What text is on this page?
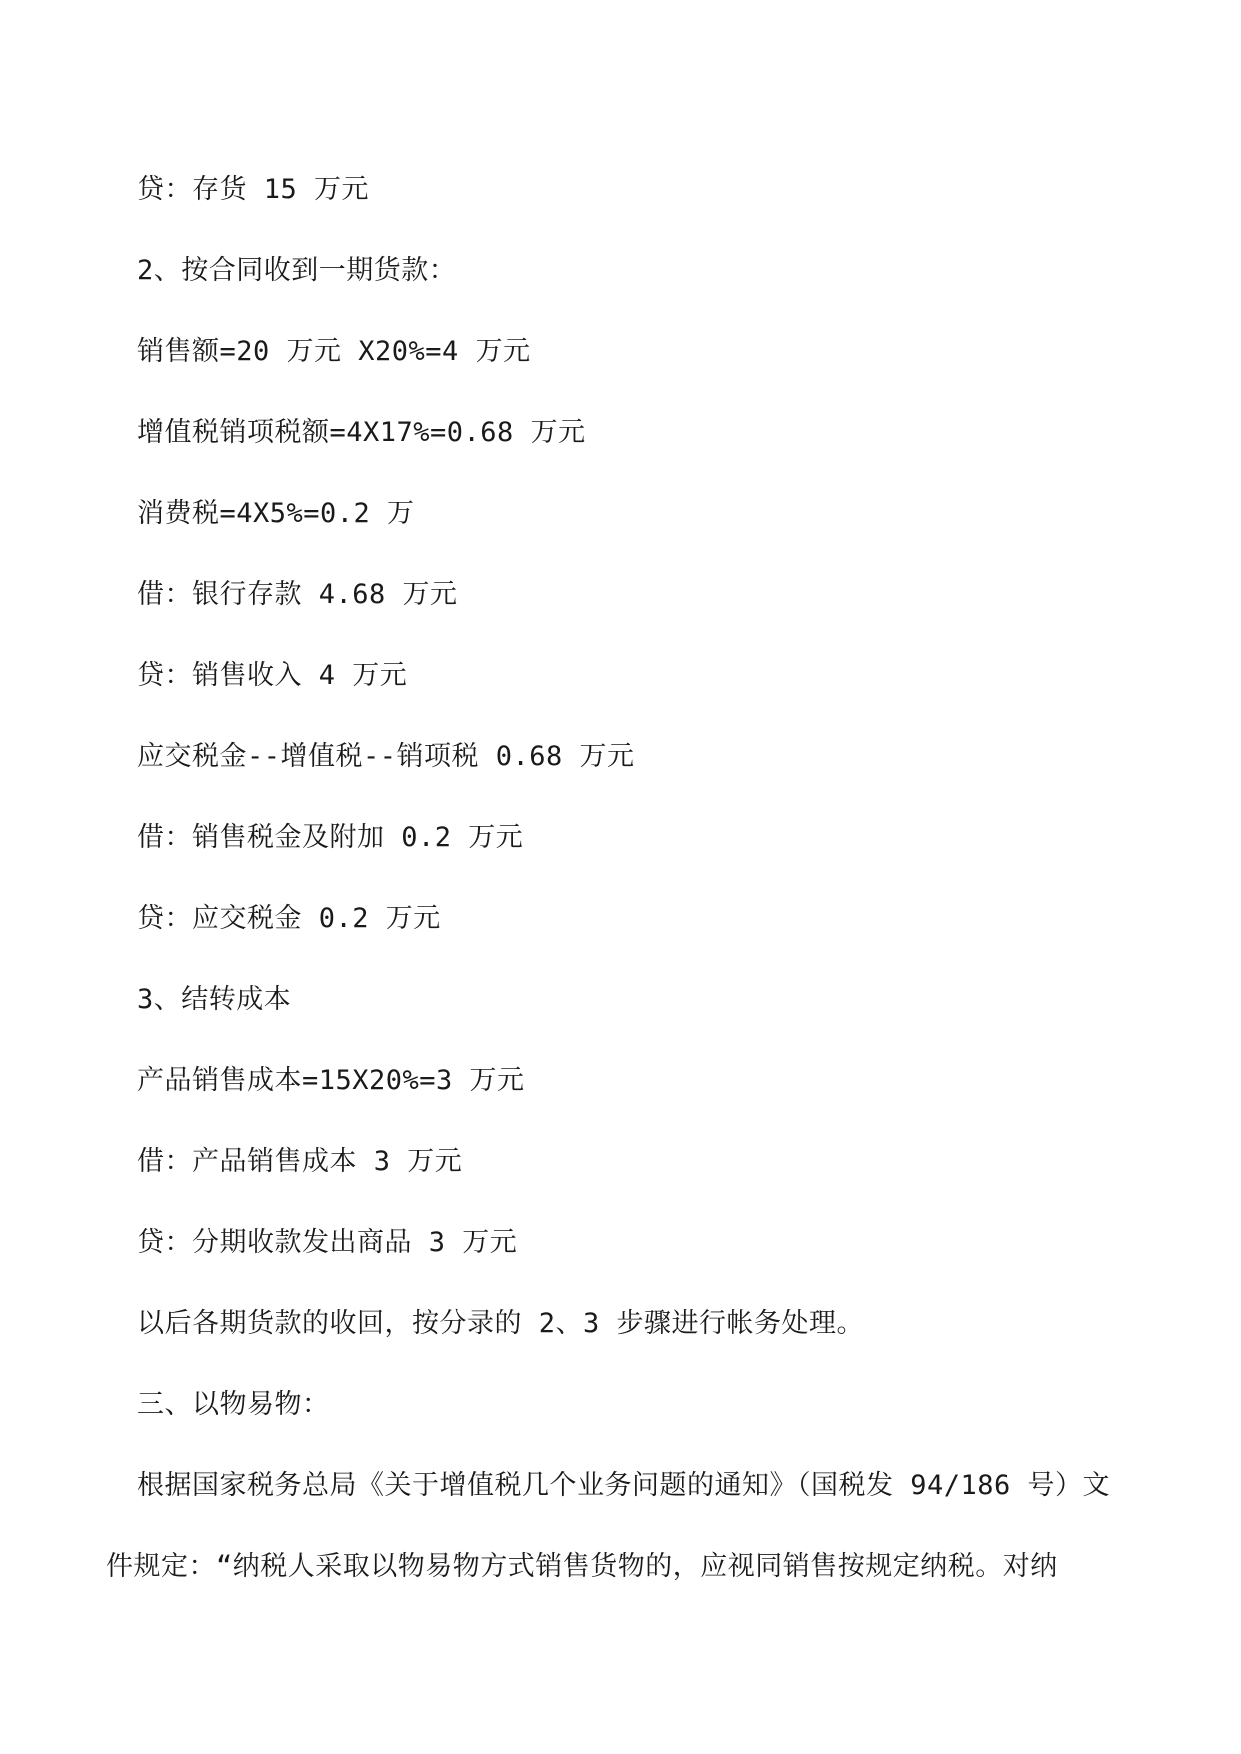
贷：存货 15 万元
2、按合同收到一期货款：
销售额=20 万元 X20%=4 万元
增值税销项税额=4X17%=0.68 万元
消费税=4X5%=0.2 万
借：银行存款 4.68 万元
贷：销售收入 4 万元
应交税金--增值税--销项税 0.68 万元
借：销售税金及附加 0.2 万元
贷：应交税金 0.2 万元
3、结转成本
产品销售成本=15X20%=3 万元
借：产品销售成本 3 万元
贷：分期收款发出商品 3 万元
以后各期货款的收回，按分录的 2、3 步骤进行帐务处理。
三、以物易物：
根据国家税务总局《关于增值税几个业务问题的通知》（国税发 94/186 号）文
件规定：“纳税人采取以物易物方式销售货物的，应视同销售按规定纳税。对纳
